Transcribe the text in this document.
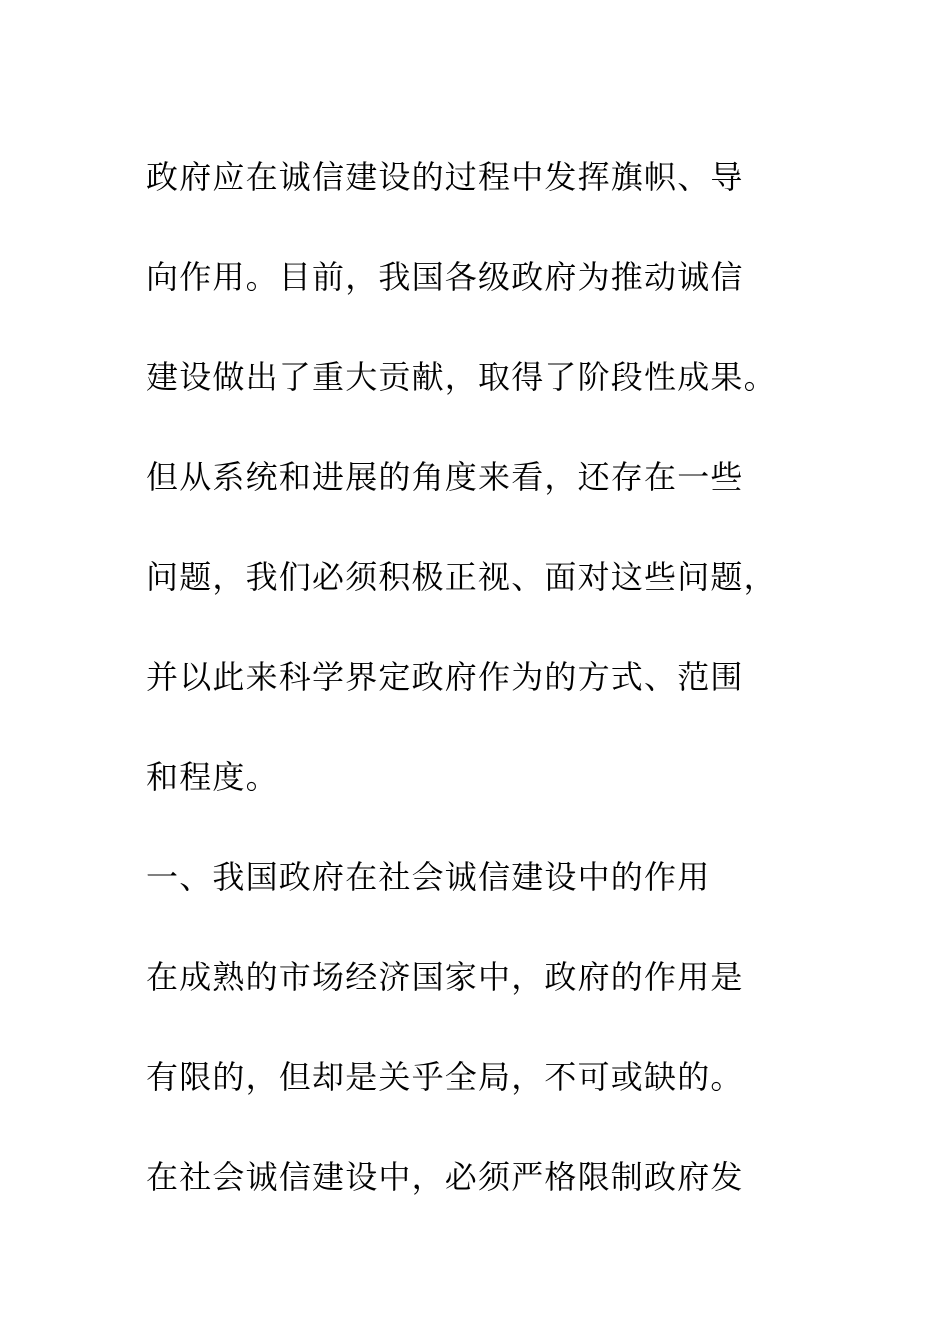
政府应在诚信建设的过程中发挥旗帜、导

向作用。目前，我国各级政府为推动诚信

建设做出了重大贡献，取得了阶段性成果。

但从系统和进展的角度来看，还存在一些

问题，我们必须积极正视、面对这些问题，

并以此来科学界定政府作为的方式、范围

和程度。

一、我国政府在社会诚信建设中的作用

在成熟的市场经济国家中，政府的作用是

有限的，但却是关乎全局，不可或缺的。

在社会诚信建设中，必须严格限制政府发
